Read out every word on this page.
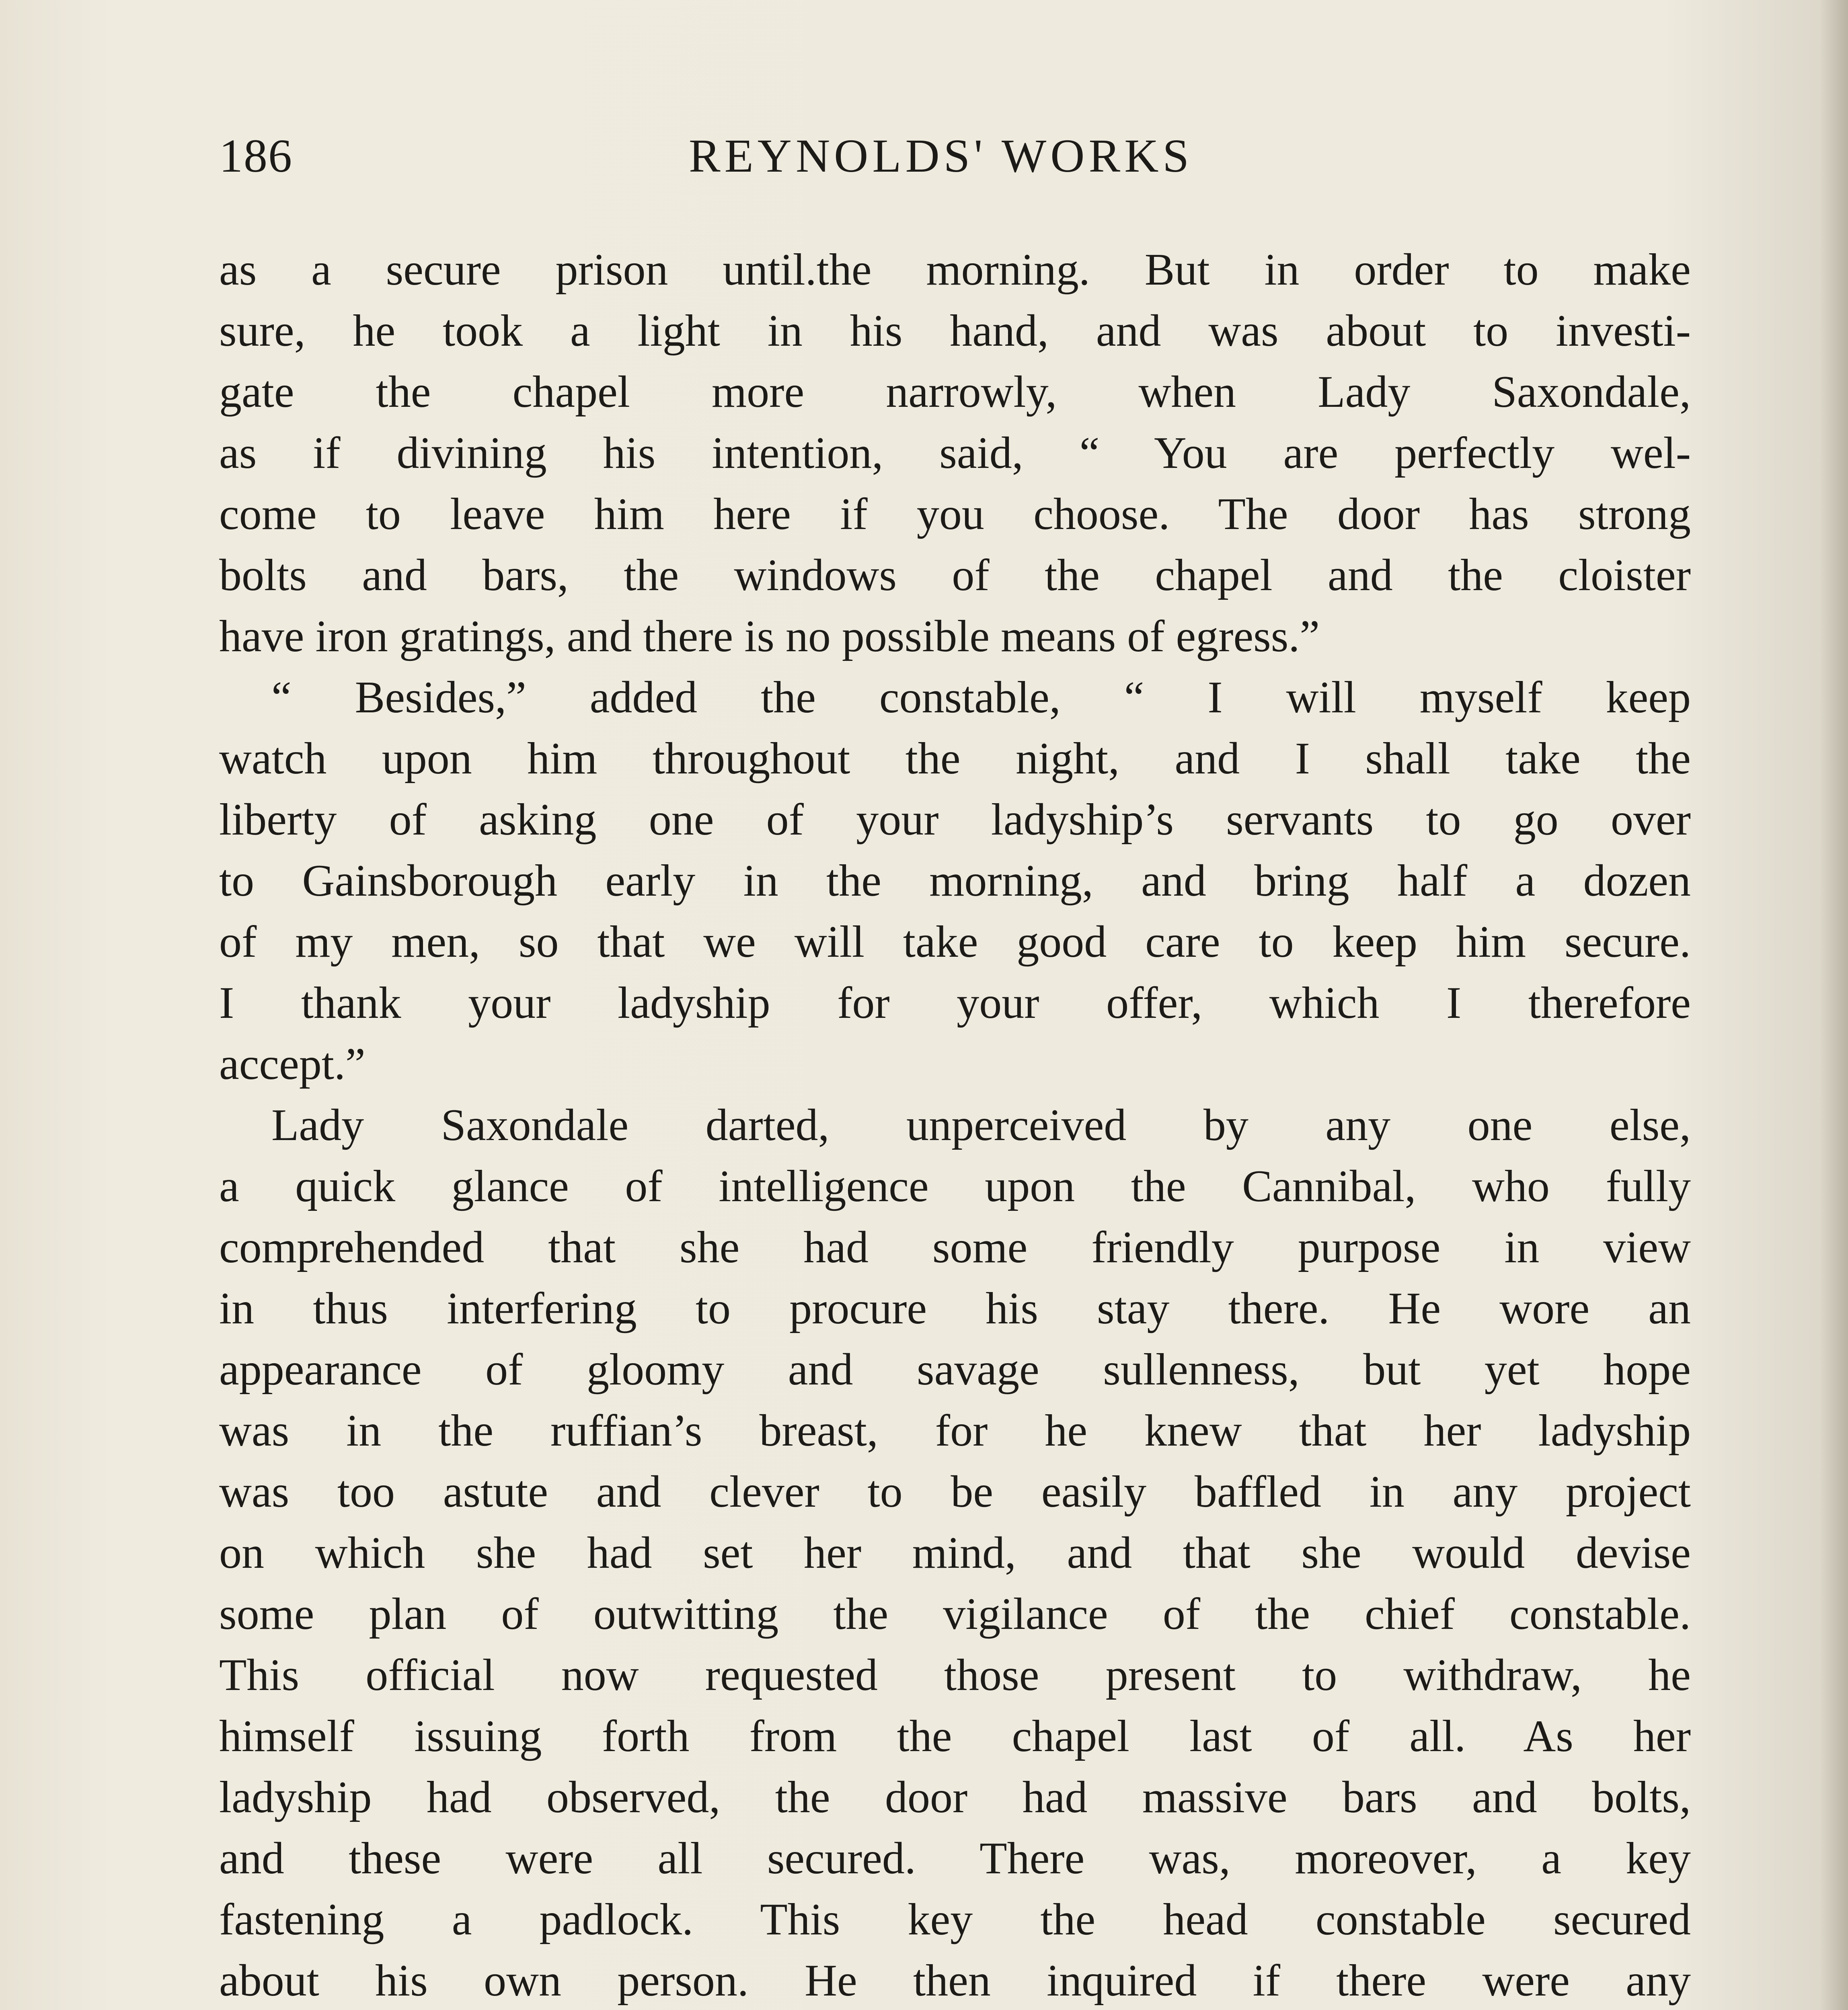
186	REYNOLDS' WORKS
as a secure prison until.the morning. But in order to make
sure, he took a light in his hand, and was about to investi-
gate the chapel more narrowly, when Lady Saxondale,
as if divining his intention, said, “ You are perfectly wel-
come to leave him here if you choose. The door has strong
bolts and bars, the windows of the chapel and the cloister
have iron gratings, and there is no possible means of egress.”
“ Besides,” added the constable, “ I will myself keep
watch upon him throughout the night, and I shall take the
liberty of asking one of your ladyship’s servants to go over
to Gainsborough early in the morning, and bring half a dozen
of my men, so that we will take good care to keep him secure.
I thank your ladyship for your offer, which I therefore
accept.”
Lady Saxondale darted, unperceived by any one else,
a quick glance of intelligence upon the Cannibal, who fully
comprehended that she had some friendly purpose in view
in thus interfering to procure his stay there. He wore an
appearance of gloomy and savage sullenness, but yet hope
was in the ruffian’s breast, for he knew that her ladyship
was too astute and clever to be easily baffled in any project
on which she had set her mind, and that she would devise
some plan of outwitting the vigilance of the chief constable.
This official now requested those present to withdraw, he
himself issuing forth from the chapel last of all. As her
ladyship had observed, the door had massive bars and bolts,
and these were all secured. There was, moreover, a key
fastening a padlock. This key the head constable secured
about his own person. He then inquired if there were any
